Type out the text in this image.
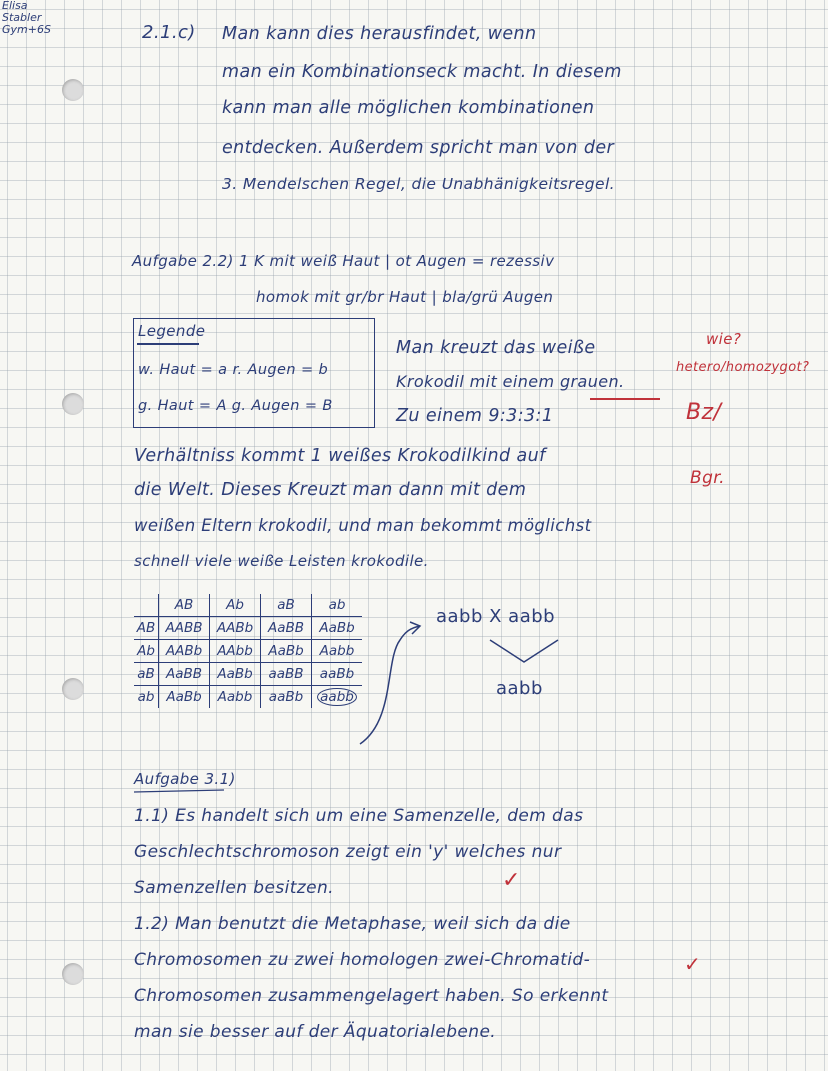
Elisa
Stabler
Gym+6S	2.1.c) Man kann dies herausfindet, wenn
man ein Kombinationseck macht. In diesem
kann man alle möglichen kombinationen
entdecken. Außerdem spricht man von der
3. Mendelschen Regel, die Unabhänigkeitsregel.
Aufgabe 2.2) 1 K mit weiß Haut | ot Augen = rezessiv
homok mit gr/br Haut | bla/grü Augen
Legende
w. Haut = a r. Augen = b
g. Haut = A g. Augen = B
Man kreuzt das weiße
Krokodil mit einem grauen.
Zu einem 9:3:3:1
Verhältniss kommt 1 weißes Krokodilkind auf
die Welt. Dieses Kreuzt man dann mit dem
weißen Eltern krokodil, und man bekommt möglichst
schnell viele weiße Leisten krokodile.
wie?
hetero/homozygot?
Bz/
Bgr.
	AB	Ab	aB	ab
AB	AABB	AABb	AaBB	AaBb
Ab	AABb	AAbb	AaBb	Aabb
aB	AaBB	AaBb	aaBB	aaBb
ab	AaBb	Aabb	aaBb	aabb
aabb X aabb
aabb
Aufgabe 3.1)
1.1) Es handelt sich um eine Samenzelle, dem das
Geschlechtschromoson zeigt ein 'y' welches nur
Samenzellen besitzen.
1.2) Man benutzt die Metaphase, weil sich da die
Chromosomen zu zwei homologen zwei-Chromatid-
Chromosomen zusammengelagert haben. So erkennt
man sie besser auf der Äquatorialebene.
✓
✓
